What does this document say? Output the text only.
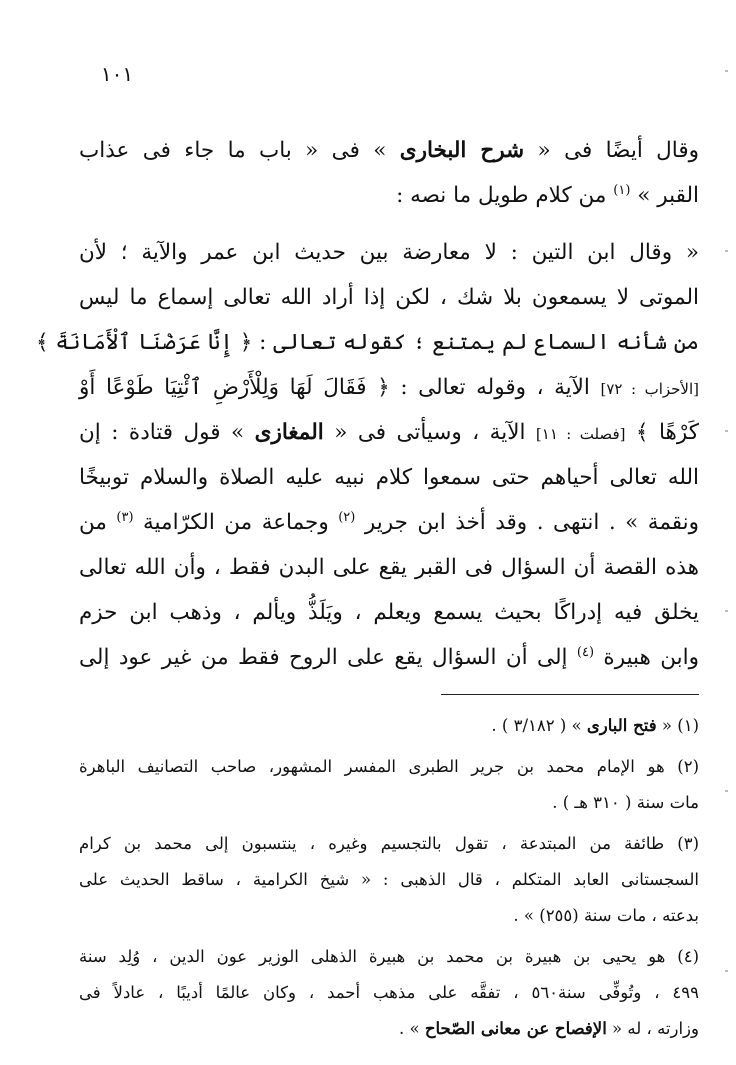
١٠١
وقال أيضًا فى « شرح البخارى » فى « باب ما جاء فى عذاب
القبر » $^{(١)}$ من كلام طويل ما نصه :
« وقال ابن التين : لا معارضة بين حديث ابن عمر والآية ؛ لأن
الموتى لا يسمعون بلا شك ، لكن إذا أراد الله تعالى إسماع ما ليس
من شأنه السماع لم يمتنع ؛ كقوله تعالى : ﴿ إِنَّا عَرَضْنَا ٱلْأَمَانَةَ ﴾
[الأحزاب : ٧٢] الآية ، وقوله تعالى : ﴿ فَقَالَ لَهَا وَلِلْأَرْضِ ٱئْتِيَا طَوْعًا أَوْ
كَرْهًا ﴾ [فصلت : ١١] الآية ، وسيأتى فى « المغازى » قول قتادة : إن
الله تعالى أحياهم حتى سمعوا كلام نبيه عليه الصلاة والسلام توبيخًا
ونقمة » . انتهى . وقد أخذ ابن جرير $^{(٢)}$ وجماعة من الكرّامية $^{(٣)}$ من
هذه القصة أن السؤال فى القبر يقع على البدن فقط ، وأن الله تعالى
يخلق فيه إدراكًا بحيث يسمع ويعلم ، ويَلَذُّ ويألم ، وذهب ابن حزم
وابن هبيرة $^{(٤)}$ إلى أن السؤال يقع على الروح فقط من غير عود إلى
(١) « فتح البارى » ( ٣/١٨٢ ) .
(٢) هو الإمام محمد بن جرير الطبرى المفسر المشهور، صاحب التصانيف الباهرة
مات سنة ( ٣١٠ هـ ) .
(٣) طائفة من المبتدعة ، تقول بالتجسيم وغيره ، ينتسبون إلى محمد بن كرام
السجستانى العابد المتكلم ، قال الذهبى : « شيخ الكرامية ، ساقط الحديث على
بدعته ، مات سنة (٢٥٥) » .
(٤) هو يحيى بن هبيرة بن محمد بن هبيرة الذهلى الوزير عون الدين ، وُلِد سنة
٤٩٩ ، وتُوفِّى سنة٥٦٠ ، تفقَّه على مذهب أحمد ، وكان عالمًا أديبًا ، عادلاً فى
وزارته ، له « الإفصاح عن معانى الصّحاح » .
